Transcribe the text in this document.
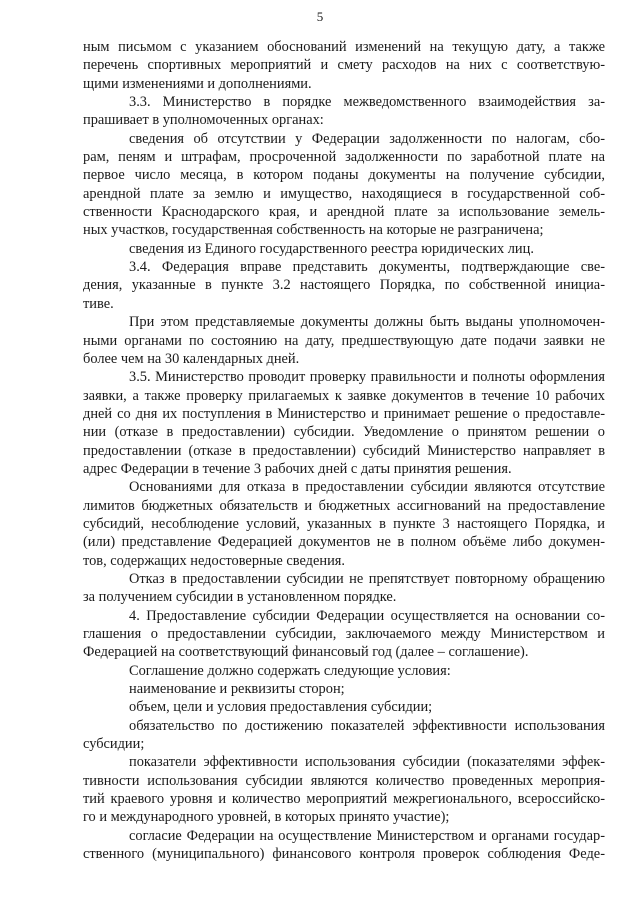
5
ным письмом с указанием обоснований изменений на текущую дату, а также
перечень спортивных мероприятий и смету расходов на них с соответствую-
щими изменениями и дополнениями.
3.3. Министерство в порядке межведомственного взаимодействия за-
прашивает в уполномоченных органах:
сведения об отсутствии у Федерации задолженности по налогам, сбо-
рам, пеням и штрафам, просроченной задолженности по заработной плате на
первое число месяца, в котором поданы документы на получение субсидии,
арендной плате за землю и имущество, находящиеся в государственной соб-
ственности Краснодарского края, и арендной плате за использование земель-
ных участков, государственная собственность на которые не разграничена;
сведения из Единого государственного реестра юридических лиц.
3.4. Федерация вправе представить документы, подтверждающие све-
дения, указанные в пункте 3.2 настоящего Порядка, по собственной инициа-
тиве.
При этом представляемые документы должны быть выданы уполномочен-
ными органами по состоянию на дату, предшествующую дате подачи заявки не
более чем на 30 календарных дней.
3.5. Министерство проводит проверку правильности и полноты оформления
заявки, а также проверку прилагаемых к заявке документов в течение 10 рабочих
дней со дня их поступления в Министерство и принимает решение о предоставле-
нии (отказе в предоставлении) субсидии. Уведомление о принятом решении о
предоставлении (отказе в предоставлении) субсидий Министерство направляет в
адрес Федерации в течение 3 рабочих дней с даты принятия решения.
Основаниями для отказа в предоставлении субсидии являются отсутствие
лимитов бюджетных обязательств и бюджетных ассигнований на предоставление
субсидий, несоблюдение условий, указанных в пункте 3 настоящего Порядка, и
(или) представление Федерацией документов не в полном объёме либо докумен-
тов, содержащих недостоверные сведения.
Отказ в предоставлении субсидии не препятствует повторному обращению
за получением субсидии в установленном порядке.
4. Предоставление субсидии Федерации осуществляется на основании со-
глашения о предоставлении субсидии, заключаемого между Министерством и
Федерацией на соответствующий финансовый год (далее – соглашение).
Соглашение должно содержать следующие условия:
наименование и реквизиты сторон;
объем, цели и условия предоставления субсидии;
обязательство по достижению показателей эффективности использования
субсидии;
показатели эффективности использования субсидии (показателями эффек-
тивности использования субсидии являются количество проведенных мероприя-
тий краевого уровня и количество мероприятий межрегионального, всероссийско-
го и международного уровней, в которых принято участие);
согласие Федерации на осуществление Министерством и органами государ-
ственного (муниципального) финансового контроля проверок соблюдения Феде-
